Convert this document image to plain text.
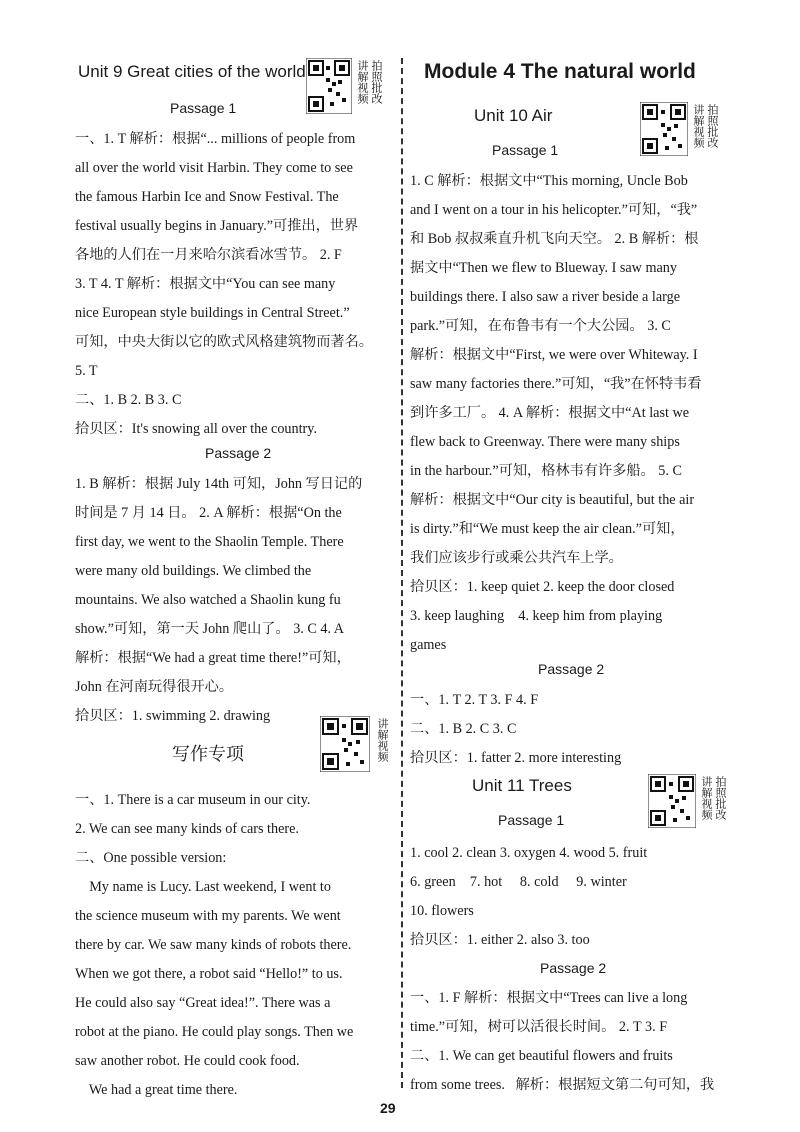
Unit 9 Great cities of the world	讲解视频 拍照批改
Passage 1
一、1. T 解析：根据“... millions of people from
all over the world visit Harbin. They come to see
the famous Harbin Ice and Snow Festival. The
festival usually begins in January.”可推出，世界
各地的人们在一月来哈尔滨看冰雪节。 2. F
3. T 4. T 解析：根据文中“You can see many
nice European style buildings in Central Street.”
可知，中央大街以它的欧式风格建筑物而著名。
5. T
二、1. B 2. B 3. C
拾贝区：It's snowing all over the country.
Passage 2
1. B 解析：根据 July 14th 可知，John 写日记的
时间是 7 月 14 日。 2. A 解析：根据“On the
first day, we went to the Shaolin Temple. There
were many old buildings. We climbed the
mountains. We also watched a Shaolin kung fu
show.”可知，第一天 John 爬山了。 3. C 4. A
解析：根据“We had a great time there!”可知，
John 在河南玩得很开心。
拾贝区：1. swimming 2. drawing
写作专项	讲解视频
一、1. There is a car museum in our city.
2. We can see many kinds of cars there.
二、One possible version:
My name is Lucy. Last weekend, I went to
the science museum with my parents. We went
there by car. We saw many kinds of robots there.
When we got there, a robot said “Hello!” to us.
He could also say “Great idea!”. There was a
robot at the piano. He could play songs. Then we
saw another robot. He could cook food.
We had a great time there.
Module 4 The natural world
Unit 10 Air	讲解视频 拍照批改
Passage 1
1. C 解析：根据文中“This morning, Uncle Bob
and I went on a tour in his helicopter.”可知，“我”
和 Bob 叔叔乘直升机飞向天空。 2. B 解析：根
据文中“Then we flew to Blueway. I saw many
buildings there. I also saw a river beside a large
park.”可知，在布鲁韦有一个大公园。 3. C
解析：根据文中“First, we were over Whiteway. I
saw many factories there.”可知，“我”在怀特韦看
到许多工厂。 4. A 解析：根据文中“At last we
flew back to Greenway. There were many ships
in the harbour.”可知，格林韦有许多船。 5. C
解析：根据文中“Our city is beautiful, but the air
is dirty.”和“We must keep the air clean.”可知，
我们应该步行或乘公共汽车上学。
拾贝区：1. keep quiet 2. keep the door closed
3. keep laughing    4. keep him from playing
games
Passage 2
一、1. T 2. T 3. F 4. F
二、1. B 2. C 3. C
拾贝区：1. fatter 2. more interesting
Unit 11 Trees	讲解视频 拍照批改
Passage 1
1. cool 2. clean 3. oxygen 4. wood 5. fruit
6. green    7. hot     8. cold     9. winter
10. flowers
拾贝区：1. either 2. also 3. too
Passage 2
一、1. F 解析：根据文中“Trees can live a long
time.”可知，树可以活很长时间。 2. T 3. F
二、1. We can get beautiful flowers and fruits
from some trees.   解析：根据短文第二句可知，我
29
